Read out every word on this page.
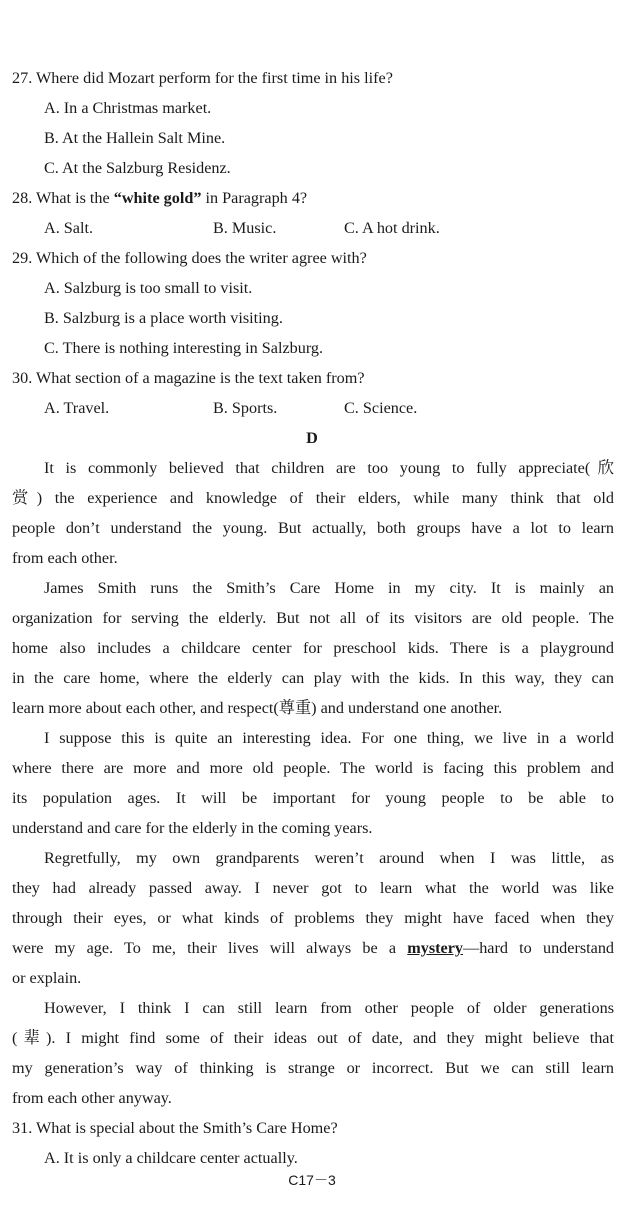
27. Where did Mozart perform for the first time in his life?
A. In a Christmas market.
B. At the Hallein Salt Mine.
C. At the Salzburg Residenz.
28. What is the “white gold” in Paragraph 4?
A. Salt.	B. Music.	C. A hot drink.
29. Which of the following does the writer agree with?
A. Salzburg is too small to visit.
B. Salzburg is a place worth visiting.
C. There is nothing interesting in Salzburg.
30. What section of a magazine is the text taken from?
A. Travel.	B. Sports.	C. Science.
D
It is commonly believed that children are too young to fully appreciate(欣
赏) the experience and knowledge of their elders, while many think that old
people don’t understand the young. But actually, both groups have a lot to learn
from each other.
James Smith runs the Smith’s Care Home in my city. It is mainly an
organization for serving the elderly. But not all of its visitors are old people. The
home also includes a childcare center for preschool kids. There is a playground
in the care home, where the elderly can play with the kids. In this way, they can
learn more about each other, and respect(尊重) and understand one another.
I suppose this is quite an interesting idea. For one thing, we live in a world
where there are more and more old people. The world is facing this problem and
its population ages. It will be important for young people to be able to
understand and care for the elderly in the coming years.
Regretfully, my own grandparents weren’t around when I was little, as
they had already passed away. I never got to learn what the world was like
through their eyes, or what kinds of problems they might have faced when they
were my age. To me, their lives will always be a mystery—hard to understand
or explain.
However, I think I can still learn from other people of older generations
(辈). I might find some of their ideas out of date, and they might believe that
my generation’s way of thinking is strange or incorrect. But we can still learn
from each other anyway.
31. What is special about the Smith’s Care Home?
A. It is only a childcare center actually.
C17－3
